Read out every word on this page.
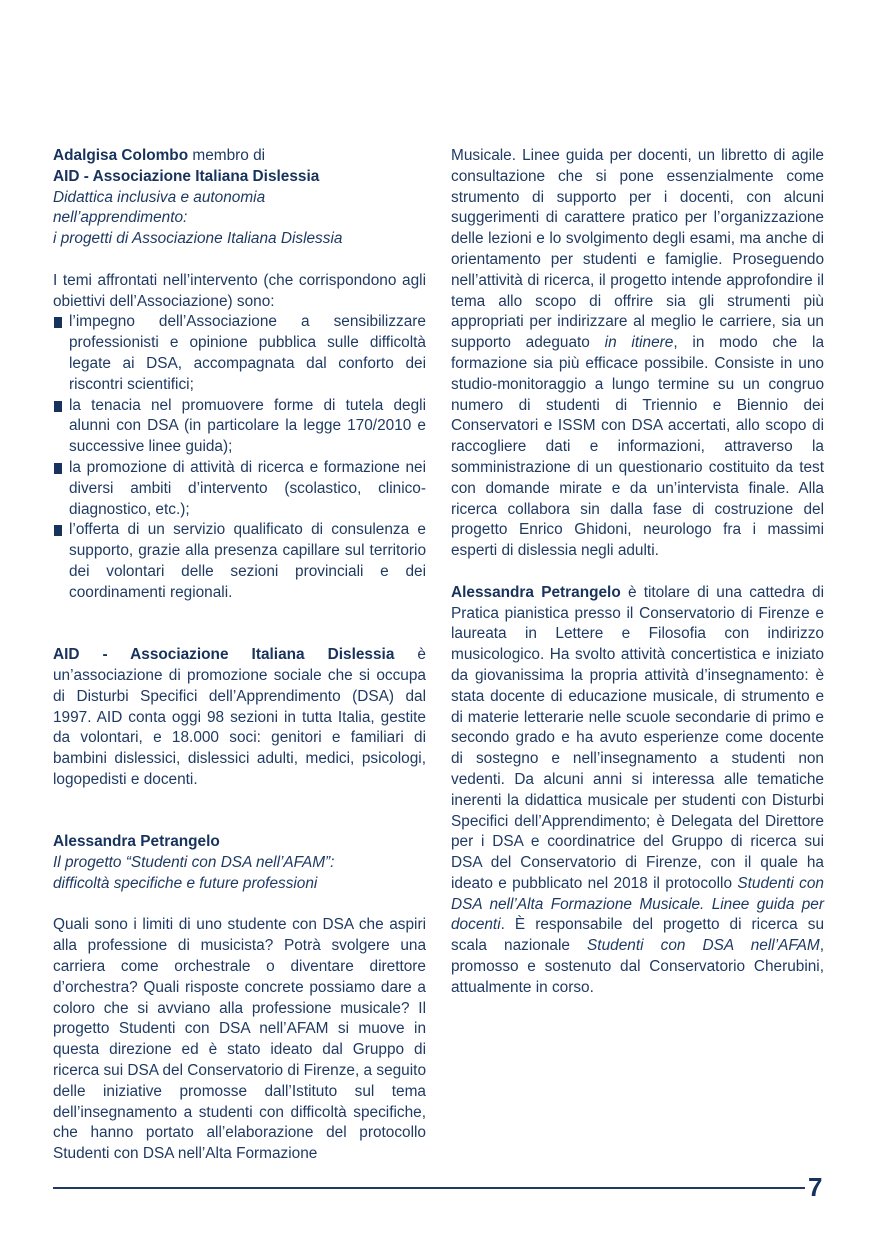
Adalgisa Colombo membro di
AID - Associazione Italiana Dislessia
Didattica inclusiva e autonomia
nell’apprendimento:
i progetti di Associazione Italiana Dislessia

I temi affrontati nell’intervento (che corrispondono agli obiettivi dell’Associazione) sono:

l’impegno dell’Associazione a sensibilizzare professionisti e opinione pubblica sulle difficoltà legate ai DSA, accompagnata dal conforto dei riscontri scientifici;
la tenacia nel promuovere forme di tutela degli alunni con DSA (in particolare la legge 170/2010 e successive linee guida);
la promozione di attività di ricerca e formazione nei diversi ambiti d’intervento (scolastico, clinico-diagnostico, etc.);
l’offerta di un servizio qualificato di consulenza e supporto, grazie alla presenza capillare sul territorio dei volontari delle sezioni provinciali e dei coordinamenti regionali.

AID - Associazione Italiana Dislessia è un’associazione di promozione sociale che si occupa di Disturbi Specifici dell’Apprendimento (DSA) dal 1997. AID conta oggi 98 sezioni in tutta Italia, gestite da volontari, e 18.000 soci: genitori e familiari di bambini dislessici, dislessici adulti, medici, psicologi, logopedisti e docenti.

Alessandra Petrangelo
Il progetto “Studenti con DSA nell’AFAM”:
difficoltà specifiche e future professioni

Quali sono i limiti di uno studente con DSA che aspiri alla professione di musicista? Potrà svolgere una carriera come orchestrale o diventare direttore d’orchestra? Quali risposte concrete possiamo dare a coloro che si avviano alla professione musicale? Il progetto Studenti con DSA nell’AFAM si muove in questa direzione ed è stato ideato dal Gruppo di ricerca sui DSA del Conservatorio di Firenze, a seguito delle iniziative promosse dall’Istituto sul tema dell’insegnamento a studenti con difficoltà specifiche, che hanno portato all’elaborazione del protocollo Studenti con DSA nell’Alta Formazione

Musicale. Linee guida per docenti, un libretto di agile consultazione che si pone essenzialmente come strumento di supporto per i docenti, con alcuni suggerimenti di carattere pratico per l’organizzazione delle lezioni e lo svolgimento degli esami, ma anche di orientamento per studenti e famiglie. Proseguendo nell’attività di ricerca, il progetto intende approfondire il tema allo scopo di offrire sia gli strumenti più appropriati per indirizzare al meglio le carriere, sia un supporto adeguato in itinere, in modo che la formazione sia più efficace possibile. Consiste in uno studio-monitoraggio a lungo termine su un congruo numero di studenti di Triennio e Biennio dei Conservatori e ISSM con DSA accertati, allo scopo di raccogliere dati e informazioni, attraverso la somministrazione di un questionario costituito da test con domande mirate e da un’intervista finale. Alla ricerca collabora sin dalla fase di costruzione del progetto Enrico Ghidoni, neurologo fra i massimi esperti di dislessia negli adulti.

Alessandra Petrangelo è titolare di una cattedra di Pratica pianistica presso il Conservatorio di Firenze e laureata in Lettere e Filosofia con indirizzo musicologico. Ha svolto attività concertistica e iniziato da giovanissima la propria attività d’insegnamento: è stata docente di educazione musicale, di strumento e di materie letterarie nelle scuole secondarie di primo e secondo grado e ha avuto esperienze come docente di sostegno e nell’insegnamento a studenti non vedenti. Da alcuni anni si interessa alle tematiche inerenti la didattica musicale per studenti con Disturbi Specifici dell’Apprendimento; è Delegata del Direttore per i DSA e coordinatrice del Gruppo di ricerca sui DSA del Conservatorio di Firenze, con il quale ha ideato e pubblicato nel 2018 il protocollo Studenti con DSA nell’Alta Formazione Musicale. Linee guida per docenti. È responsabile del progetto di ricerca su scala nazionale Studenti con DSA nell’AFAM, promosso e sostenuto dal Conservatorio Cherubini, attualmente in corso.

7
